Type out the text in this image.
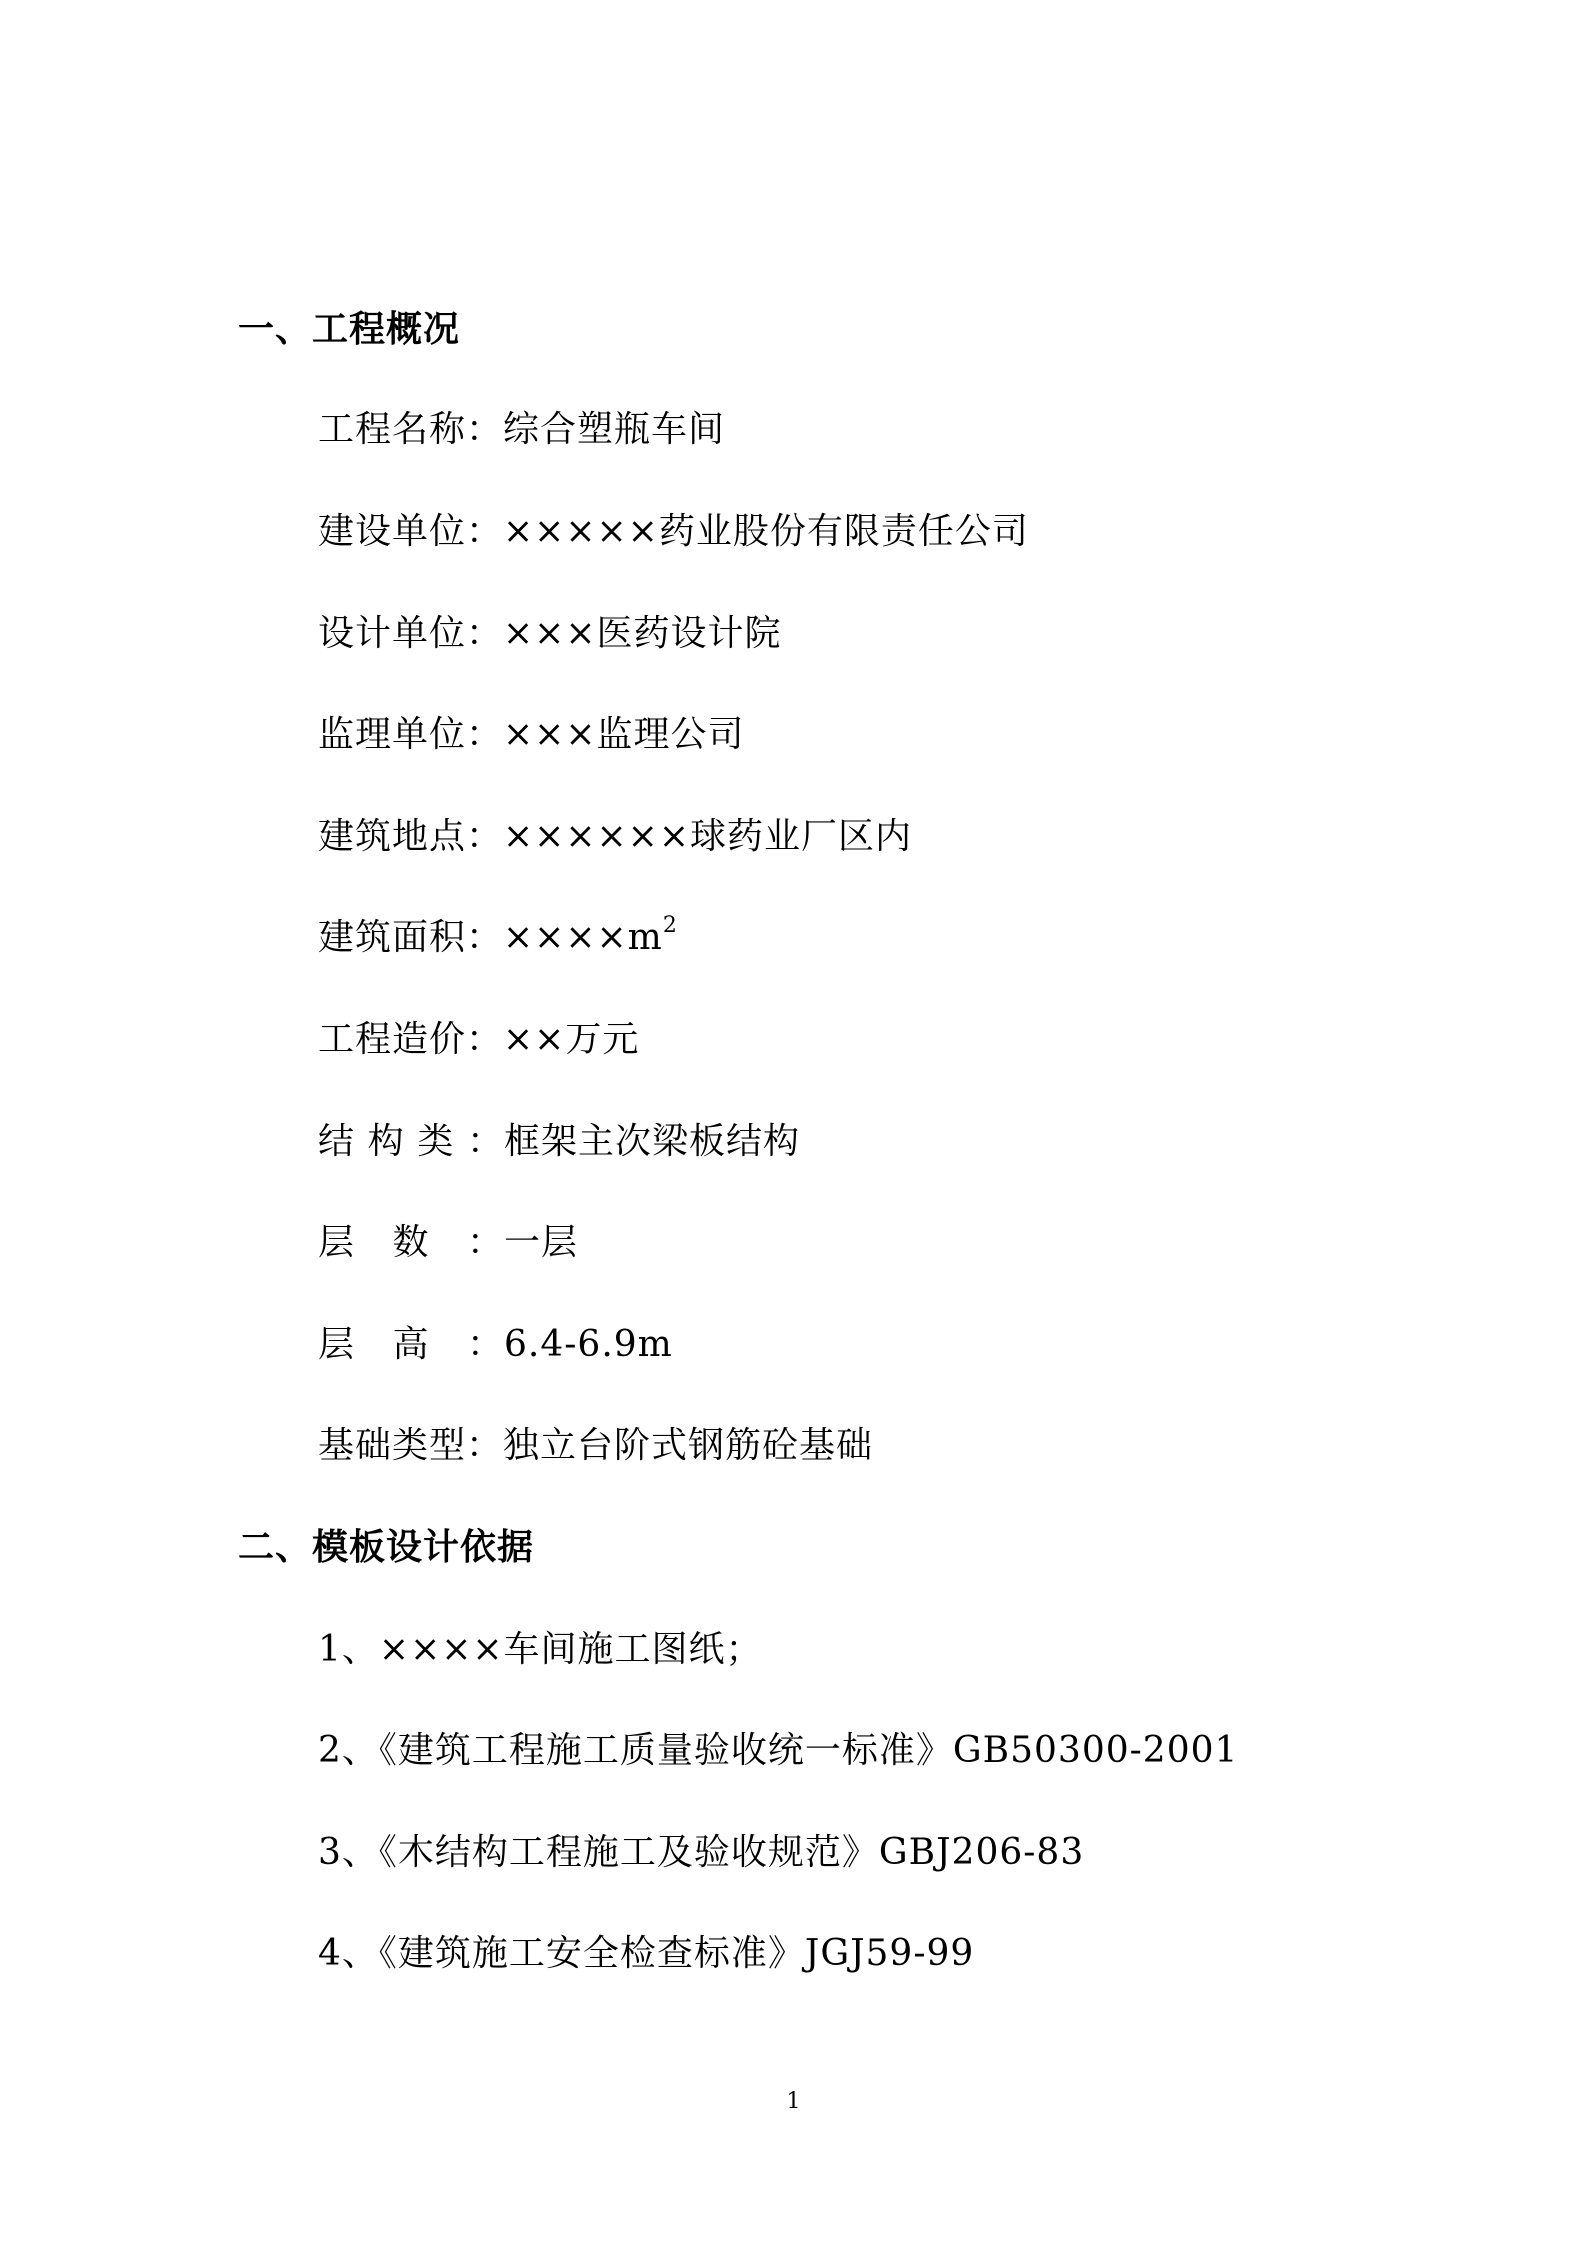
一、工程概况
工程名称：综合塑瓶车间
建设单位：×××××药业股份有限责任公司
设计单位：×××医药设计院
监理单位：×××监理公司
建筑地点：××××××球药业厂区内
建筑面积：$\times\times\times\times m^2$
工程造价：××万元
结构类：框架主次梁板结构
层数：一层
层高：6.4-6.9m
基础类型：独立台阶式钢筋砼基础
二、模板设计依据
1、××××车间施工图纸；
2、《建筑工程施工质量验收统一标准》GB50300-2001
3、《木结构工程施工及验收规范》GBJ206-83
4、《建筑施工安全检查标准》JGJ59-99
1
